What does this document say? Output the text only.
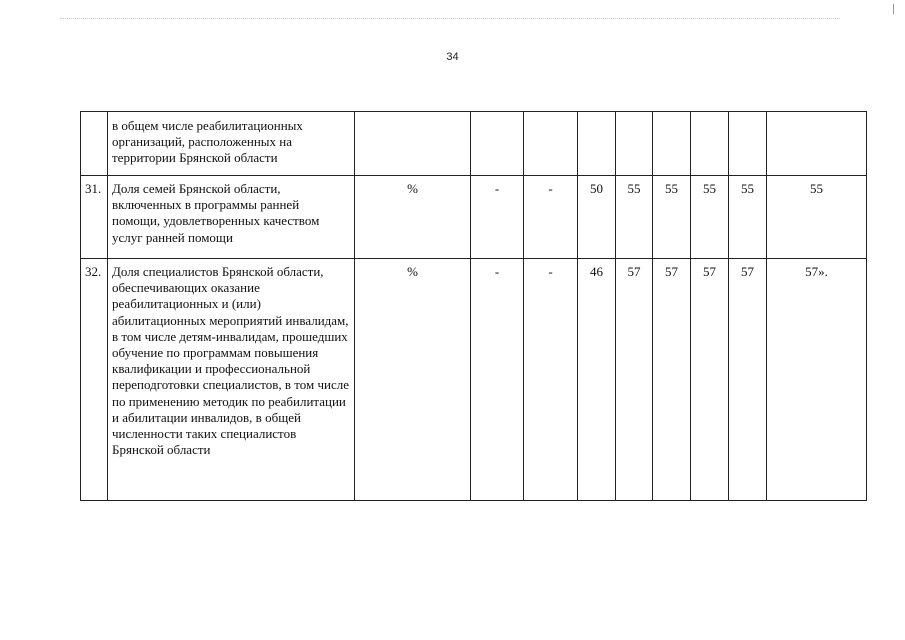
34
	в общем числе реабилитационных организаций, расположенных на территории Брянской области									
31.	Доля семей Брянской области, включенных в программы ранней помощи, удовлетворенных качеством услуг ранней помощи	%	-	-	50	55	55	55	55	55
32.	Доля специалистов Брянской области, обеспечивающих оказание реабилитационных и (или) абилитационных мероприятий инвалидам, в том числе детям-инвалидам, прошедших обучение по программам повышения квалификации и профессиональной переподготовки специалистов, в том числе по применению методик по реабилитации и абилитации инвалидов, в общей численности таких специалистов Брянской области	%	-	-	46	57	57	57	57	57».
